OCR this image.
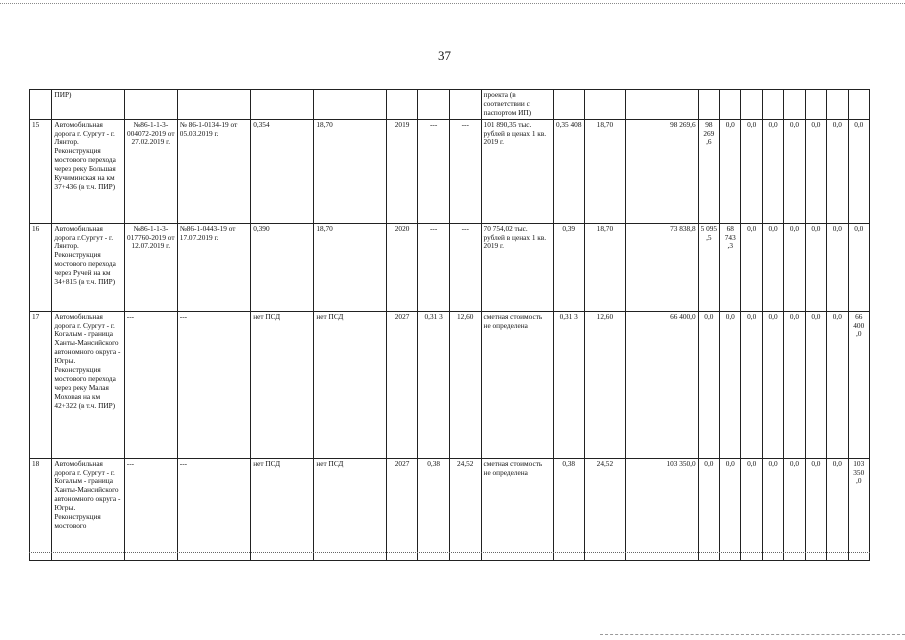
37
	ПИР)								проекта (в соответствии с паспортом ИП)											
15	Автомобильная дорога г. Сургут - г. Лянтор. Реконструкция мостового перехода через реку Большая Кучиминская на км 37+436 (в т.ч. ПИР)	№86-1-1-3-004072-2019 от 27.02.2019 г.	№ 86-1-0134-19 от 05.03.2019 г.	0,354	18,70	2019	---	---	101 890,35 тыс. рублей в ценах 1 кв. 2019 г.	0,35 408	18,70	98 269,6	98 269 ,6	0,0	0,0	0,0	0,0	0,0	0,0	0,0
16	Автомобильная дорога г.Сургут - г. Лянтор. Реконструкция мостового перехода через Ручей на км 34+815 (в т.ч. ПИР)	№86-1-1-3-017760-2019 от 12.07.2019 г.	№86-1-0443-19 от 17.07.2019 г.	0,390	18,70	2020	---	---	70 754,02 тыс. рублей в ценах 1 кв. 2019 г.	0,39	18,70	73 838,8	5 095 ,5	68 743 ,3	0,0	0,0	0,0	0,0	0,0	0,0
17	Автомобильная дорога г. Сургут - г. Когалым - граница Ханты-Мансийского автономного округа - Югры. Реконструкция мостового перехода через реку Малая Моховая на км 42+322 (в т.ч. ПИР)	---	---	нет ПСД	нет ПСД	2027	0,31 3	12,60	сметная стоимость не определена	0,31 3	12,60	66 400,0	0,0	0,0	0,0	0,0	0,0	0,0	0,0	66 400 ,0
18	Автомобильная дорога г. Сургут - г. Когалым - граница Ханты-Мансийского автономного округа - Югры. Реконструкция мостового	---	---	нет ПСД	нет ПСД	2027	0,38	24,52	сметная стоимость не определена	0,38	24,52	103 350,0	0,0	0,0	0,0	0,0	0,0	0,0	0,0	103 350 ,0
